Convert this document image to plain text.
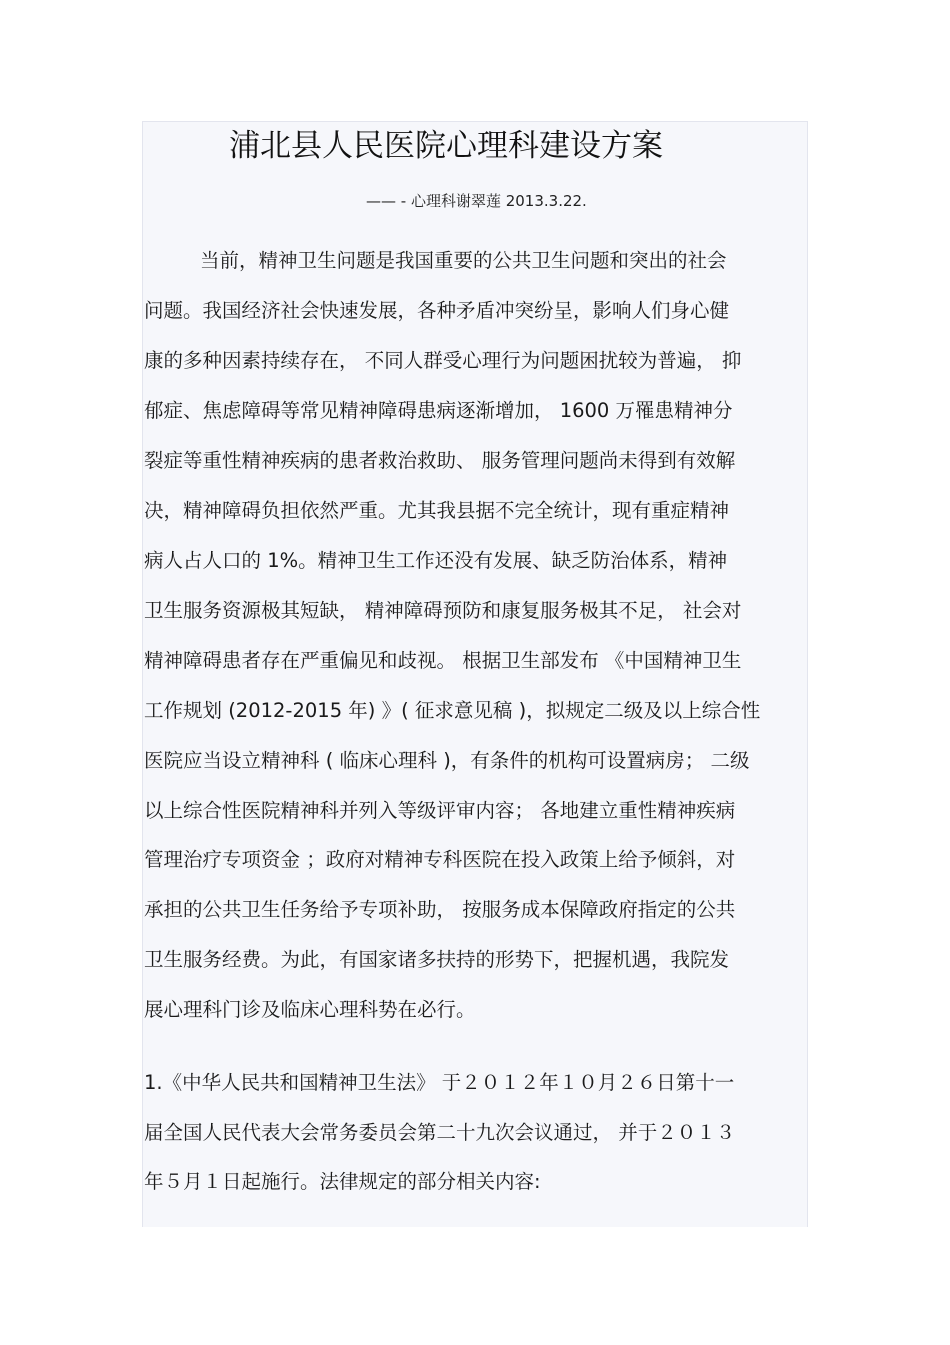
浦北县人民医院心理科建设方案

—— - 心理科谢翠莲 2013.3.22.

当前，精神卫生问题是我国重要的公共卫生问题和突出的社会

问题。我国经济社会快速发展，各种矛盾冲突纷呈，影响人们身心健

康的多种因素持续存在， 不同人群受心理行为问题困扰较为普遍， 抑

郁症、焦虑障碍等常见精神障碍患病逐渐增加， 1600 万罹患精神分

裂症等重性精神疾病的患者救治救助、 服务管理问题尚未得到有效解

决，精神障碍负担依然严重。尤其我县据不完全统计，现有重症精神

病人占人口的 1%。精神卫生工作还没有发展、缺乏防治体系，精神

卫生服务资源极其短缺， 精神障碍预防和康复服务极其不足， 社会对

精神障碍患者存在严重偏见和歧视。 根据卫生部发布 《中国精神卫生

工作规划 (2012-2015 年) 》( 征求意见稿 )，拟规定二级及以上综合性

医院应当设立精神科 ( 临床心理科 )，有条件的机构可设置病房； 二级

以上综合性医院精神科并列入等级评审内容； 各地建立重性精神疾病

管理治疗专项资金 ；政府对精神专科医院在投入政策上给予倾斜，对

承担的公共卫生任务给予专项补助， 按服务成本保障政府指定的公共

卫生服务经费。为此，有国家诸多扶持的形势下，把握机遇，我院发

展心理科门诊及临床心理科势在必行。

1.《中华人民共和国精神卫生法》 于２０１２年１０月２６日第十一

届全国人民代表大会常务委员会第二十九次会议通过， 并于２０１３

年５月１日起施行。法律规定的部分相关内容:
